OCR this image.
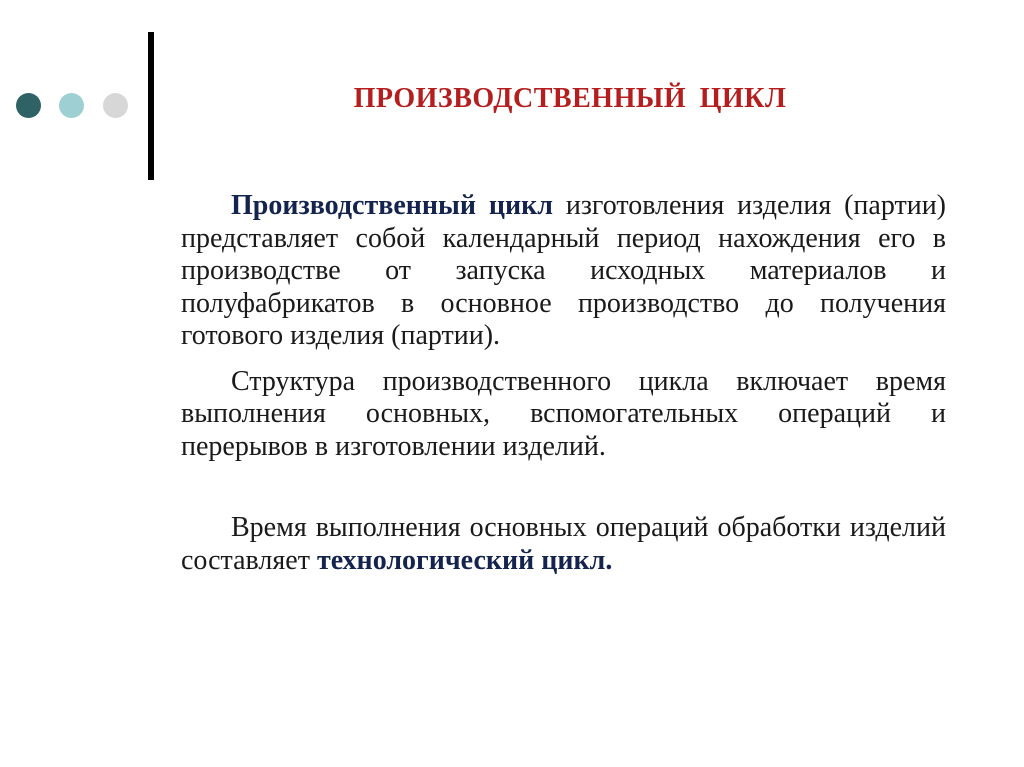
ПРОИЗВОДСТВЕННЫЙ ЦИКЛ

Производственный цикл изготовления изделия (партии) представляет собой календарный период нахождения его в производстве от запуска исходных материалов и полуфабрикатов в основное производство до получения готового изделия (партии).

Структура производственного цикла включает время выполнения основных, вспомогательных операций и перерывов в изготовлении изделий.

Время выполнения основных операций обработки изделий составляет технологический цикл.
